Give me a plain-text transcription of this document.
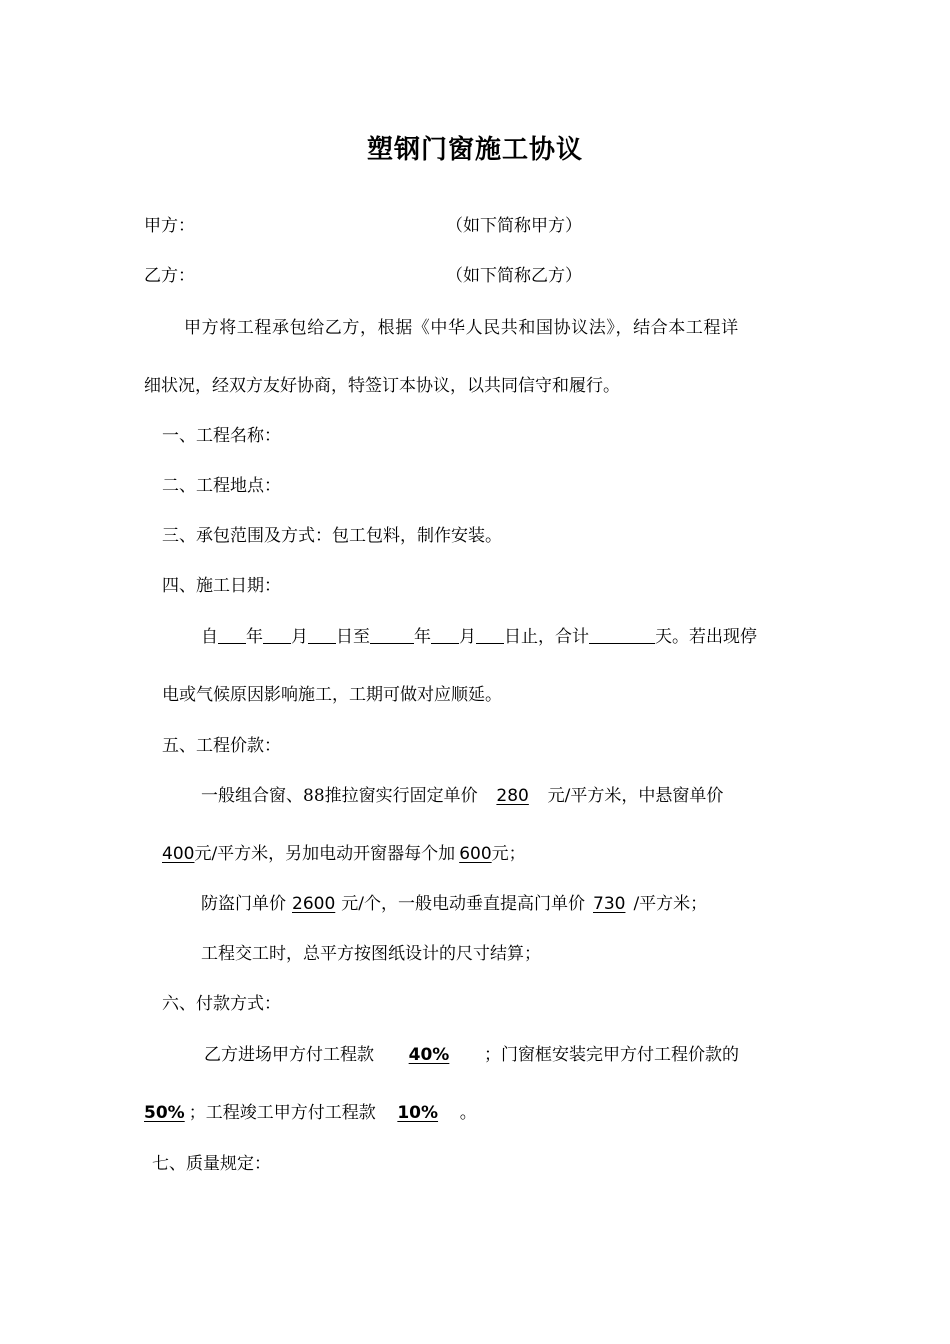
塑钢门窗施工协议
甲方：	（如下简称甲方）
乙方：	（如下简称乙方）
甲方将工程承包给乙方，根据《中华人民共和国协议法》，结合本工程详
细状况，经双方友好协商，特签订本协议，以共同信守和履行。
一、工程名称：
二、工程地点：
三、承包范围及方式：包工包料，制作安装。
四、施工日期：
自 年 月 日至	年 月 日止，合计	天。若出现停
电或气候原因影响施工，工期可做对应顺延。
五、工程价款：
一般组合窗、88推拉窗实行固定单价 280 元/平方米，中悬窗单价
400元/平方米，另加电动开窗器每个加 600元；
防盗门单价 2600 元/个，一般电动垂直提高门单价 730 /平方米；
工程交工时，总平方按图纸设计的尺寸结算；
六、付款方式：
乙方进场甲方付工程款 40% ；门窗框安装完甲方付工程价款的
50% ；工程竣工甲方付工程款 10% 。
七、质量规定：
